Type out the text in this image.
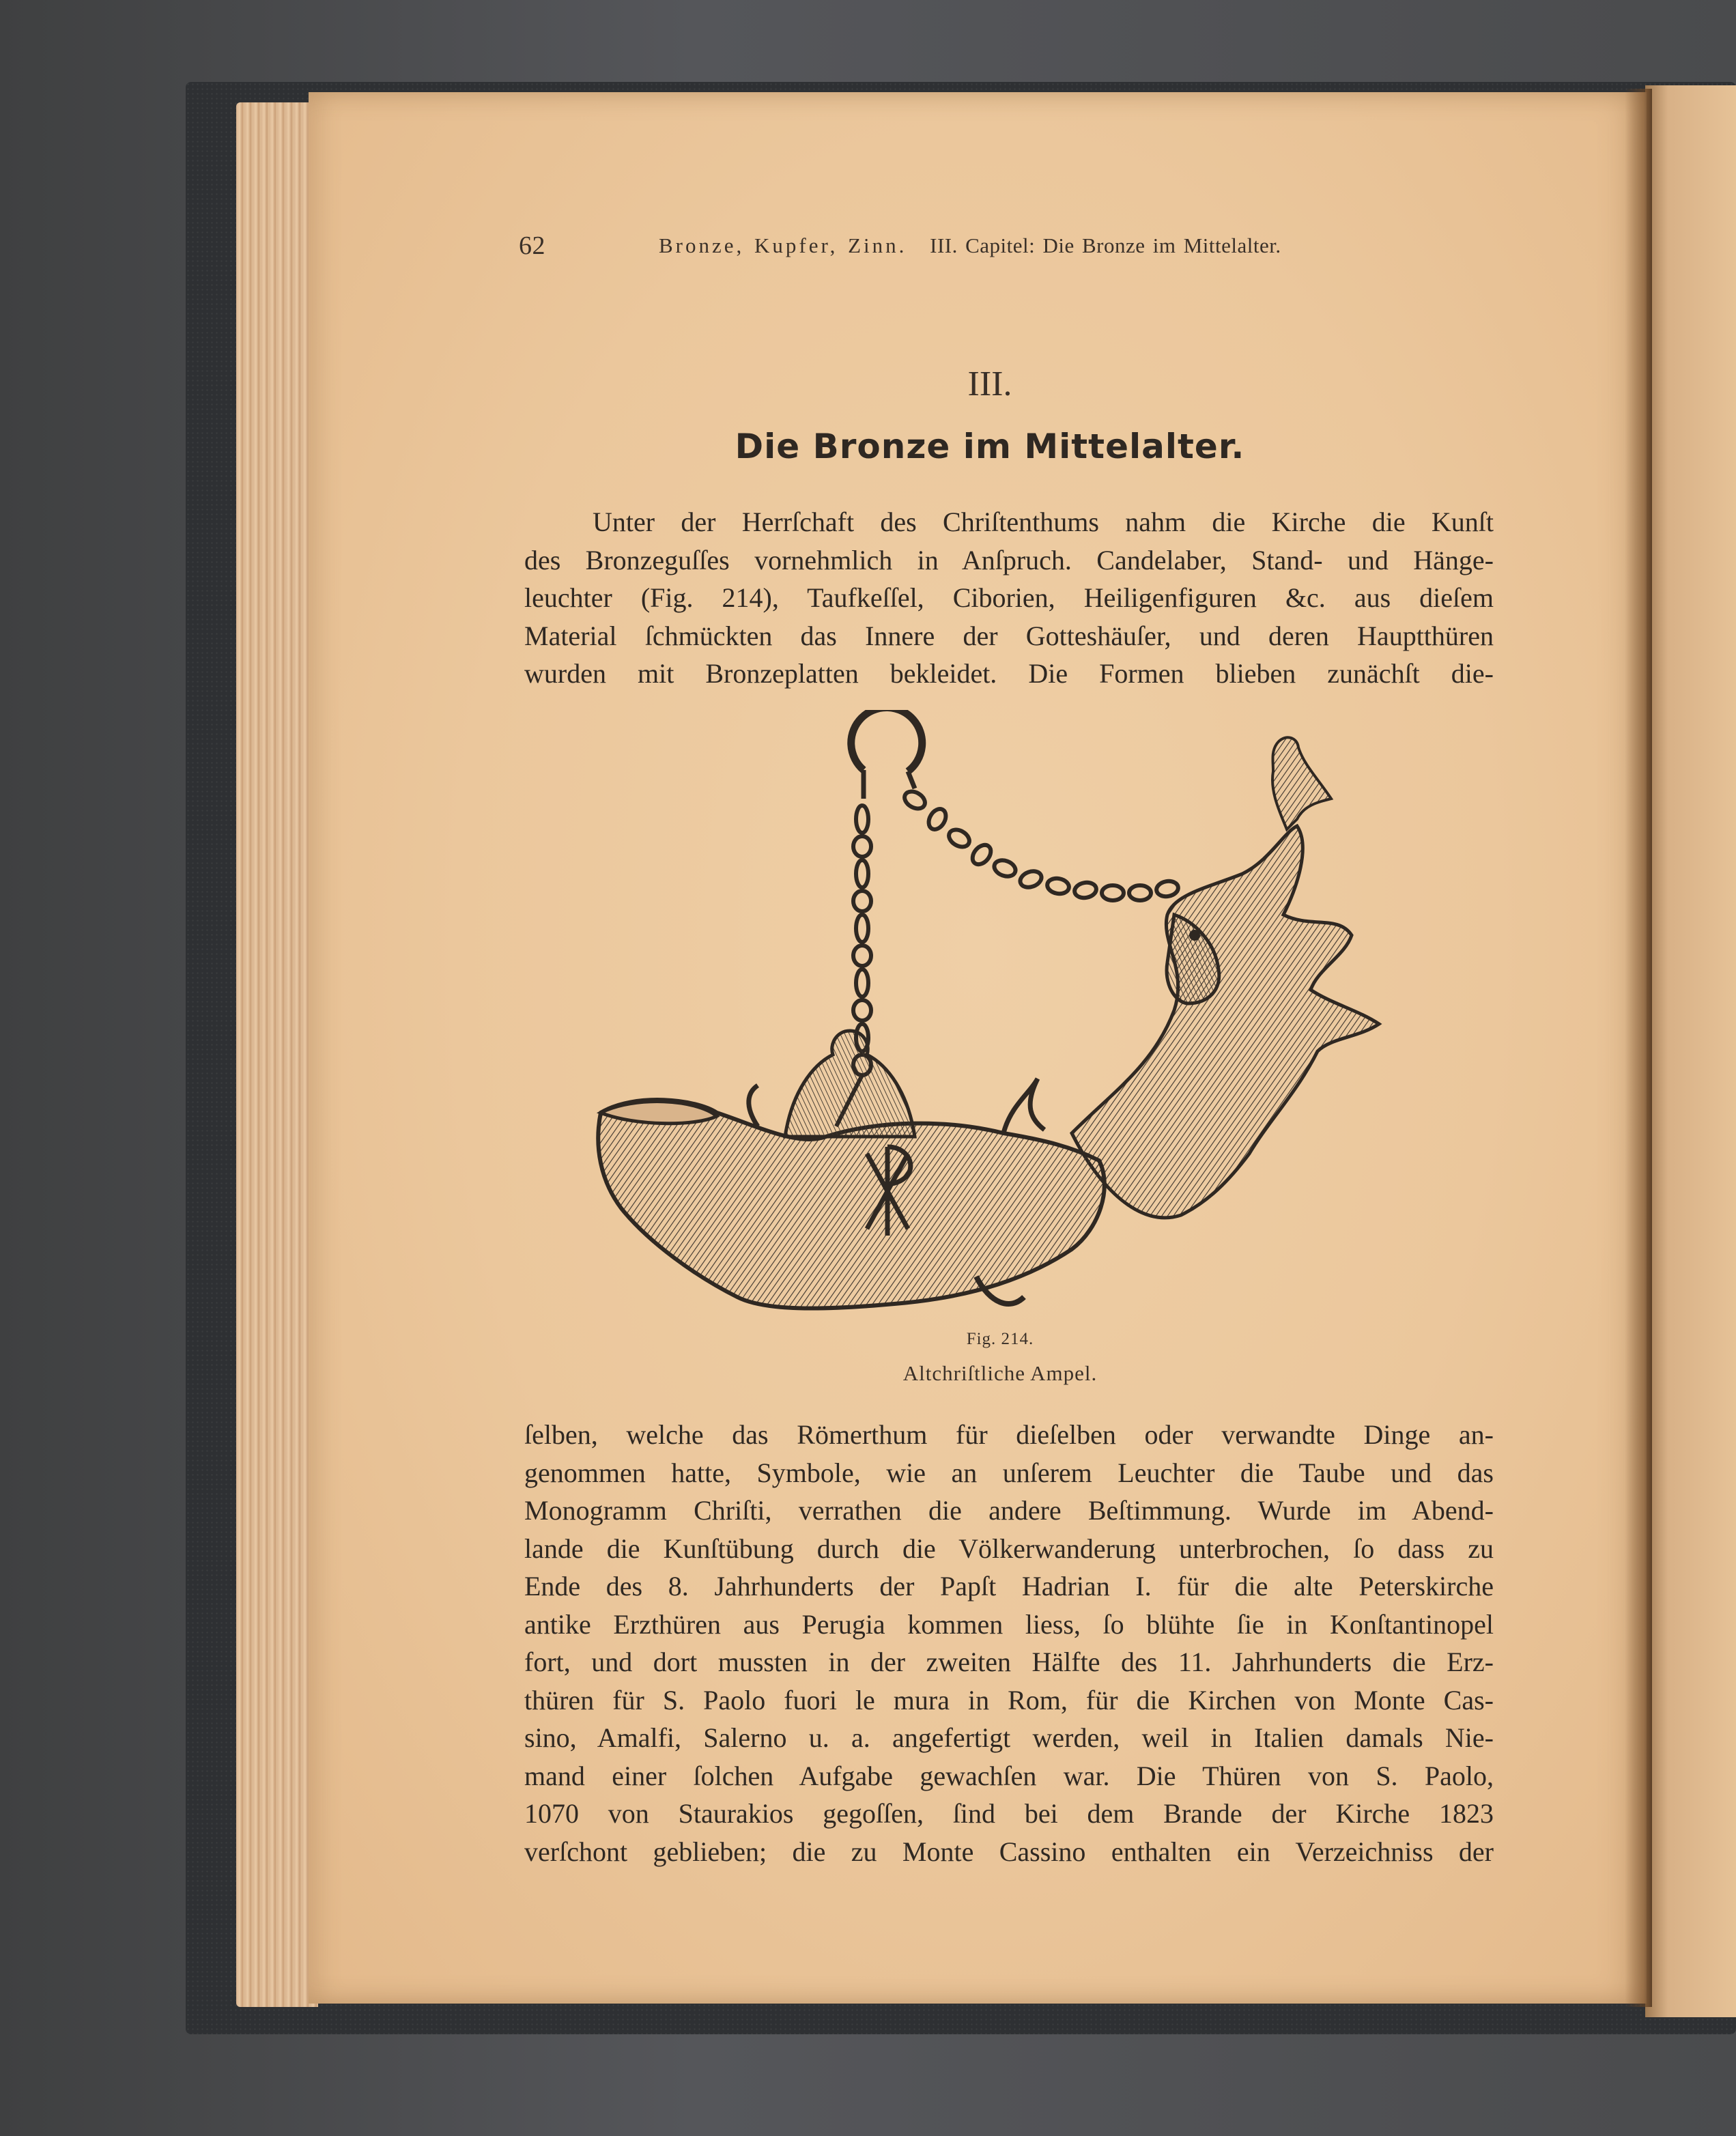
62	Bronze, Kupfer, Zinn. III. Capitel: Die Bronze im Mittelalter.
III.
Die Bronze im Mittelalter.
Unter der Herrſchaft des Chriſtenthums nahm die Kirche die Kunſt
des Bronzeguſſes vornehmlich in Anſpruch. Candelaber, Stand- und Hänge-
leuchter (Fig. 214), Taufkeſſel, Ciborien, Heiligenfiguren &c. aus dieſem
Material ſchmückten das Innere der Gotteshäuſer, und deren Hauptthüren
wurden mit Bronzeplatten bekleidet. Die Formen blieben zunächſt die-
Fig. 214.
Altchriſtliche Ampel.
ſelben, welche das Römerthum für dieſelben oder verwandte Dinge an-
genommen hatte, Symbole, wie an unſerem Leuchter die Taube und das
Monogramm Chriſti, verrathen die andere Beſtimmung. Wurde im Abend-
lande die Kunſtübung durch die Völkerwanderung unterbrochen, ſo dass zu
Ende des 8. Jahrhunderts der Papſt Hadrian I. für die alte Peterskirche
antike Erzthüren aus Perugia kommen liess, ſo blühte ſie in Konſtantinopel
fort, und dort mussten in der zweiten Hälfte des 11. Jahrhunderts die Erz-
thüren für S. Paolo fuori le mura in Rom, für die Kirchen von Monte Cas-
sino, Amalfi, Salerno u. a. angefertigt werden, weil in Italien damals Nie-
mand einer ſolchen Aufgabe gewachſen war. Die Thüren von S. Paolo,
1070 von Staurakios gegoſſen, ſind bei dem Brande der Kirche 1823
verſchont geblieben; die zu Monte Cassino enthalten ein Verzeichniss der
